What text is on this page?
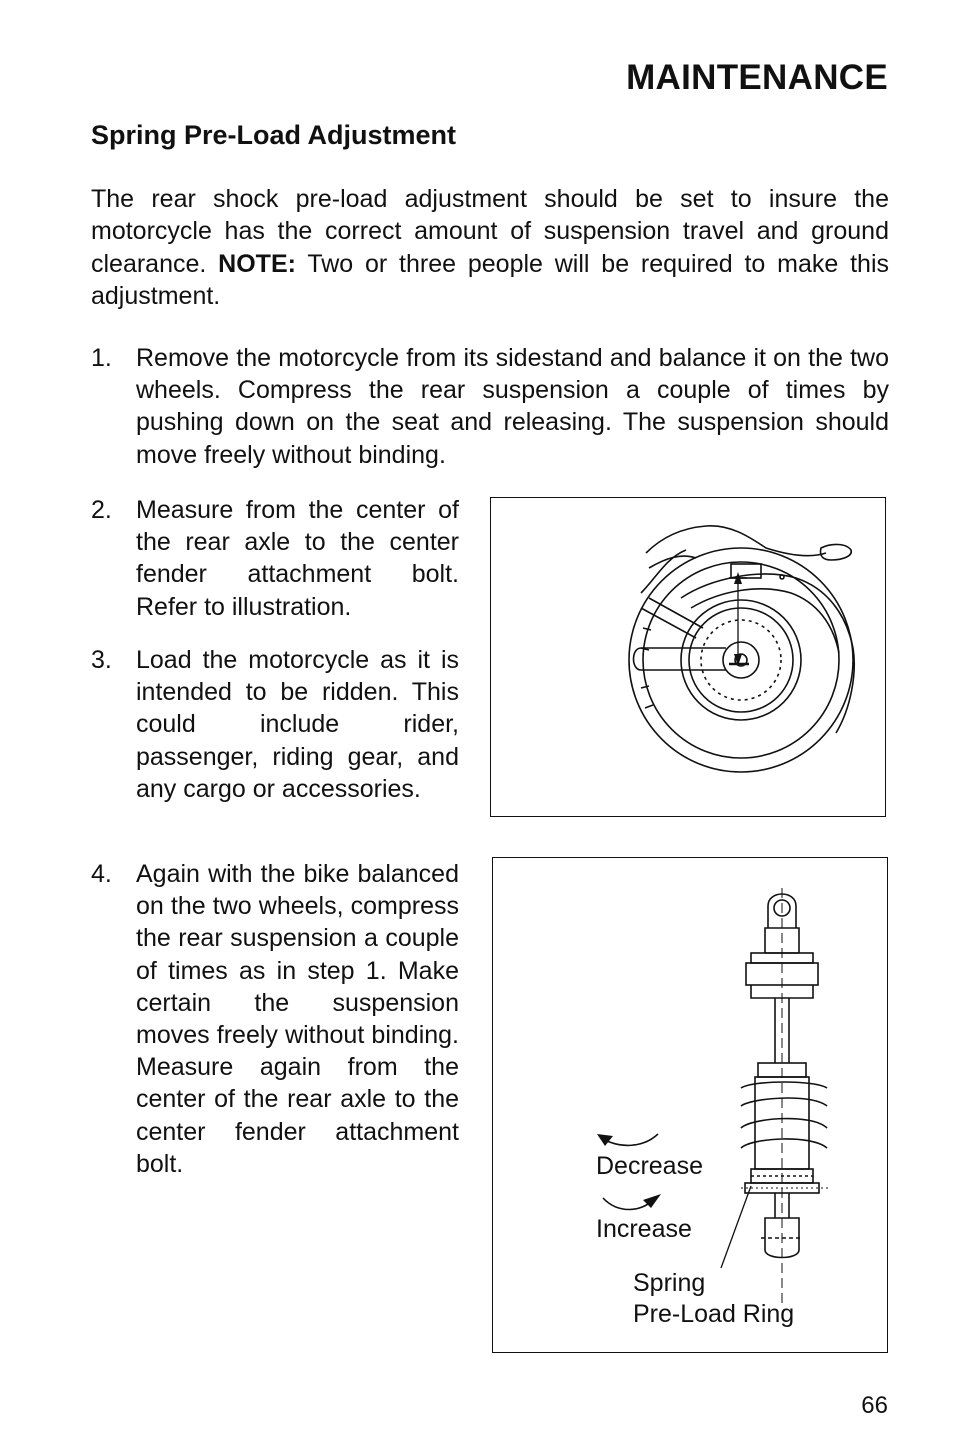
MAINTENANCE
Spring Pre-Load Adjustment
The rear shock pre-load adjustment should be set to insure the motorcycle has the correct amount of suspension travel and ground clearance. NOTE: Two or three people will be required to make this adjustment.
1. Remove the motorcycle from its sidestand and balance it on the two wheels. Compress the rear suspension a couple of times by pushing down on the seat and releasing. The suspension should move freely without binding.
2. Measure from the center of the rear axle to the center fender attachment bolt. Refer to illustration.
3. Load the motorcycle as it is intended to be ridden. This could include rider, passenger, riding gear, and any cargo or accessories.
4. Again with the bike balanced on the two wheels, compress the rear suspension a couple of times as in step 1. Make certain the suspension moves freely without binding. Measure again from the center of the rear axle to the center fender attachment bolt.	Decrease
Increase
Spring
Pre-Load Ring
66
